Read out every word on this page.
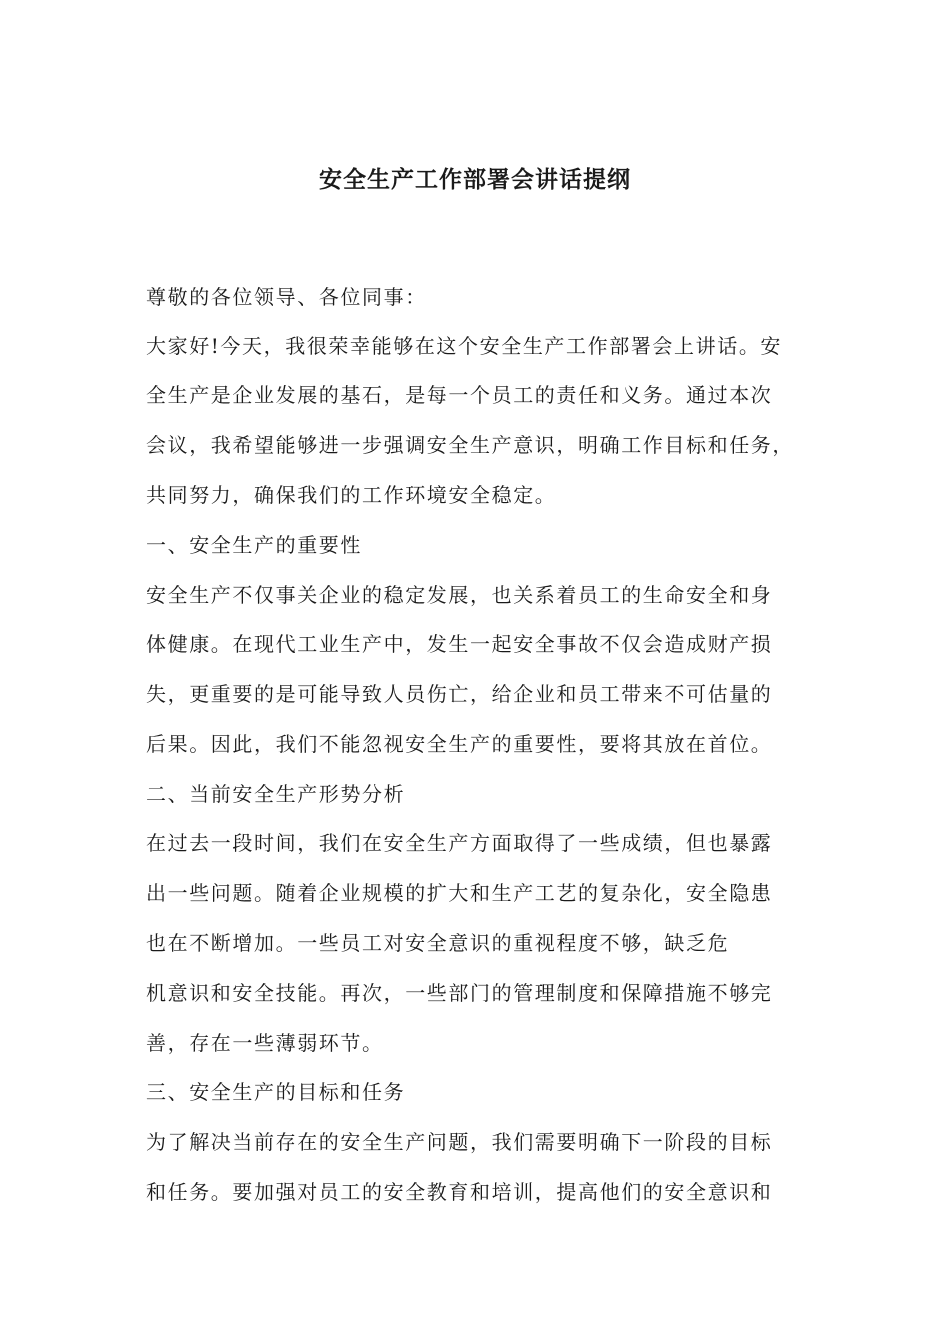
安全生产工作部署会讲话提纲

尊敬的各位领导、各位同事：

大家好!今天，我很荣幸能够在这个安全生产工作部署会上讲话。安

全生产是企业发展的基石，是每一个员工的责任和义务。通过本次

会议，我希望能够进一步强调安全生产意识，明确工作目标和任务，

共同努力，确保我们的工作环境安全稳定。

一、安全生产的重要性

安全生产不仅事关企业的稳定发展，也关系着员工的生命安全和身

体健康。在现代工业生产中，发生一起安全事故不仅会造成财产损

失，更重要的是可能导致人员伤亡，给企业和员工带来不可估量的

后果。因此，我们不能忽视安全生产的重要性，要将其放在首位。

二、当前安全生产形势分析

在过去一段时间，我们在安全生产方面取得了一些成绩，但也暴露

出一些问题。随着企业规模的扩大和生产工艺的复杂化，安全隐患

也在不断增加。一些员工对安全意识的重视程度不够，缺乏危

机意识和安全技能。再次，一些部门的管理制度和保障措施不够完

善，存在一些薄弱环节。

三、安全生产的目标和任务

为了解决当前存在的安全生产问题，我们需要明确下一阶段的目标

和任务。要加强对员工的安全教育和培训，提高他们的安全意识和
